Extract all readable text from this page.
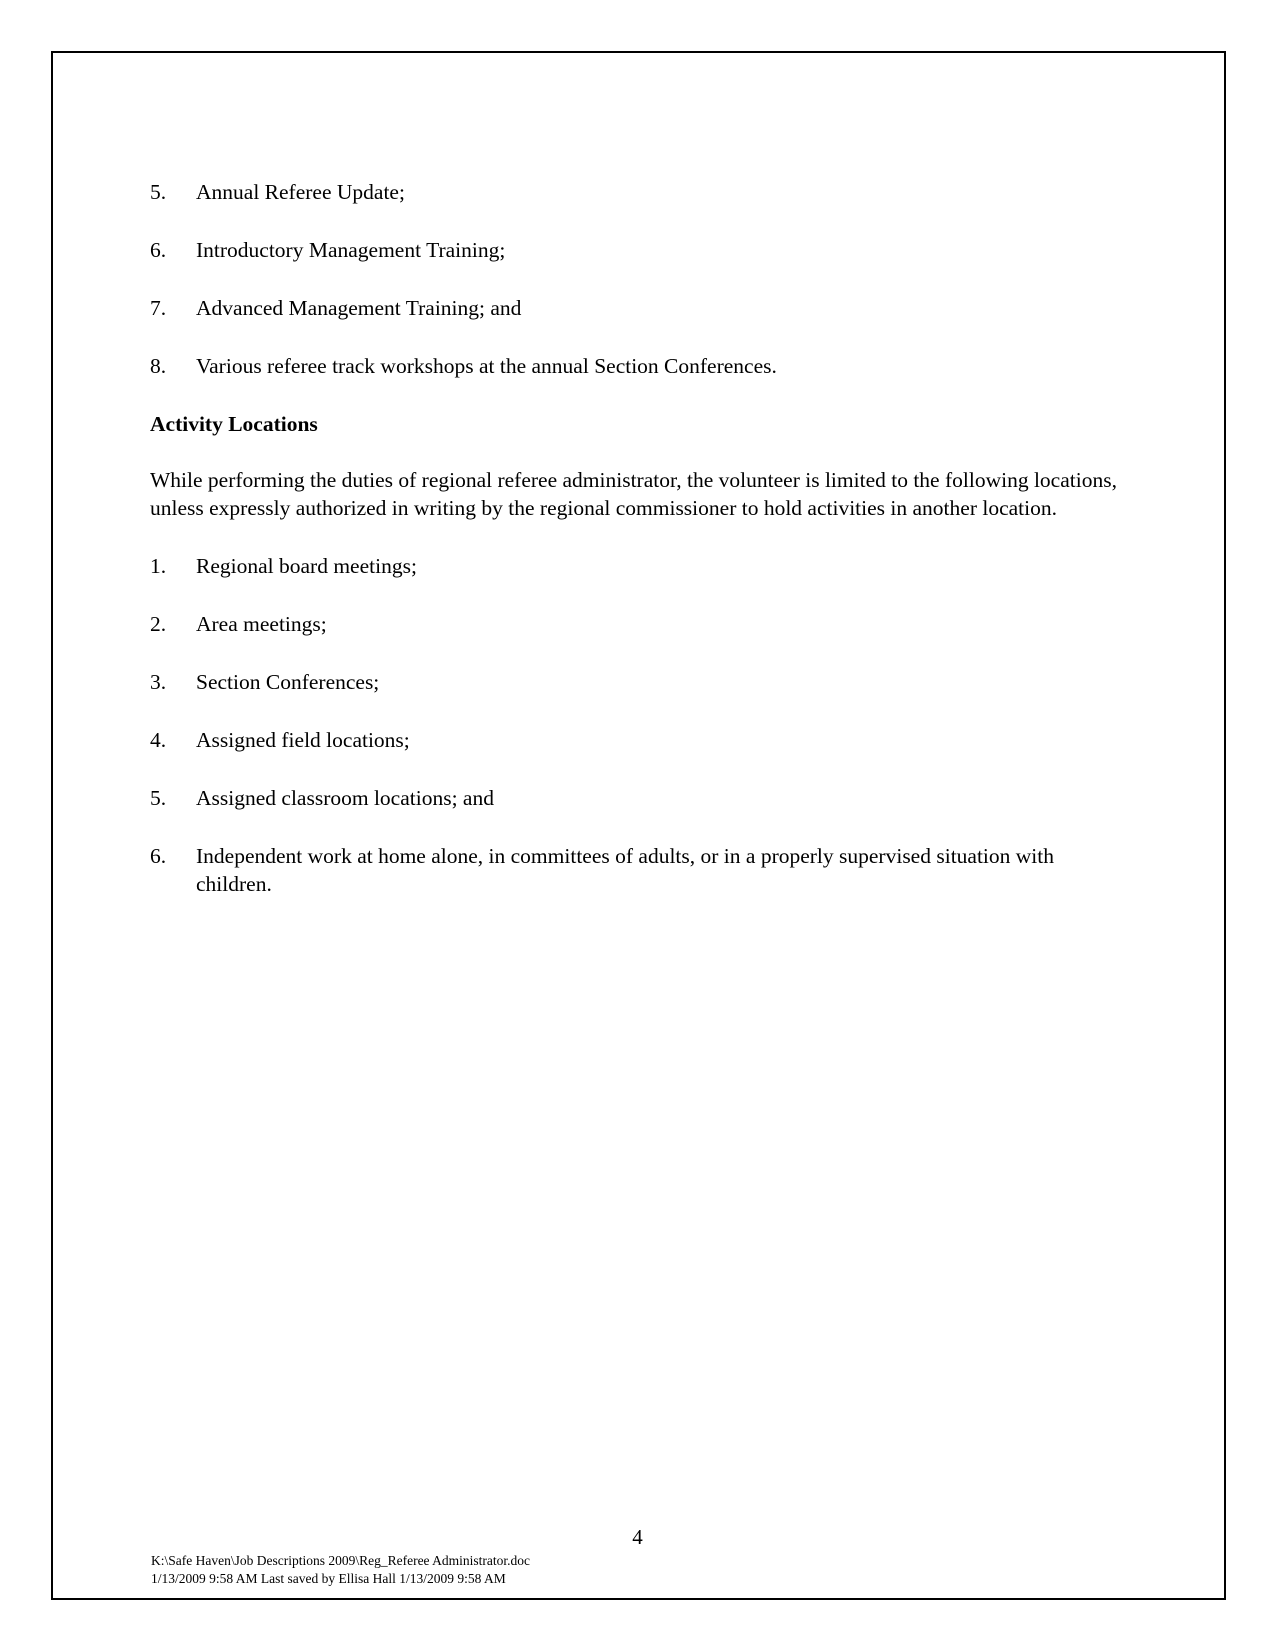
5. Annual Referee Update;
6. Introductory Management Training;
7. Advanced Management Training; and
8. Various referee track workshops at the annual Section Conferences.
Activity Locations

While performing the duties of regional referee administrator, the volunteer is limited to the following locations, unless expressly authorized in writing by the regional commissioner to hold activities in another location.

1. Regional board meetings;
2. Area meetings;
3. Section Conferences;
4. Assigned field locations;
5. Assigned classroom locations; and
6. Independent work at home alone, in committees of adults, or in a properly supervised situation with children.
4
K:\Safe Haven\Job Descriptions 2009\Reg_Referee Administrator.doc
1/13/2009 9:58 AM Last saved by Ellisa Hall 1/13/2009 9:58 AM
